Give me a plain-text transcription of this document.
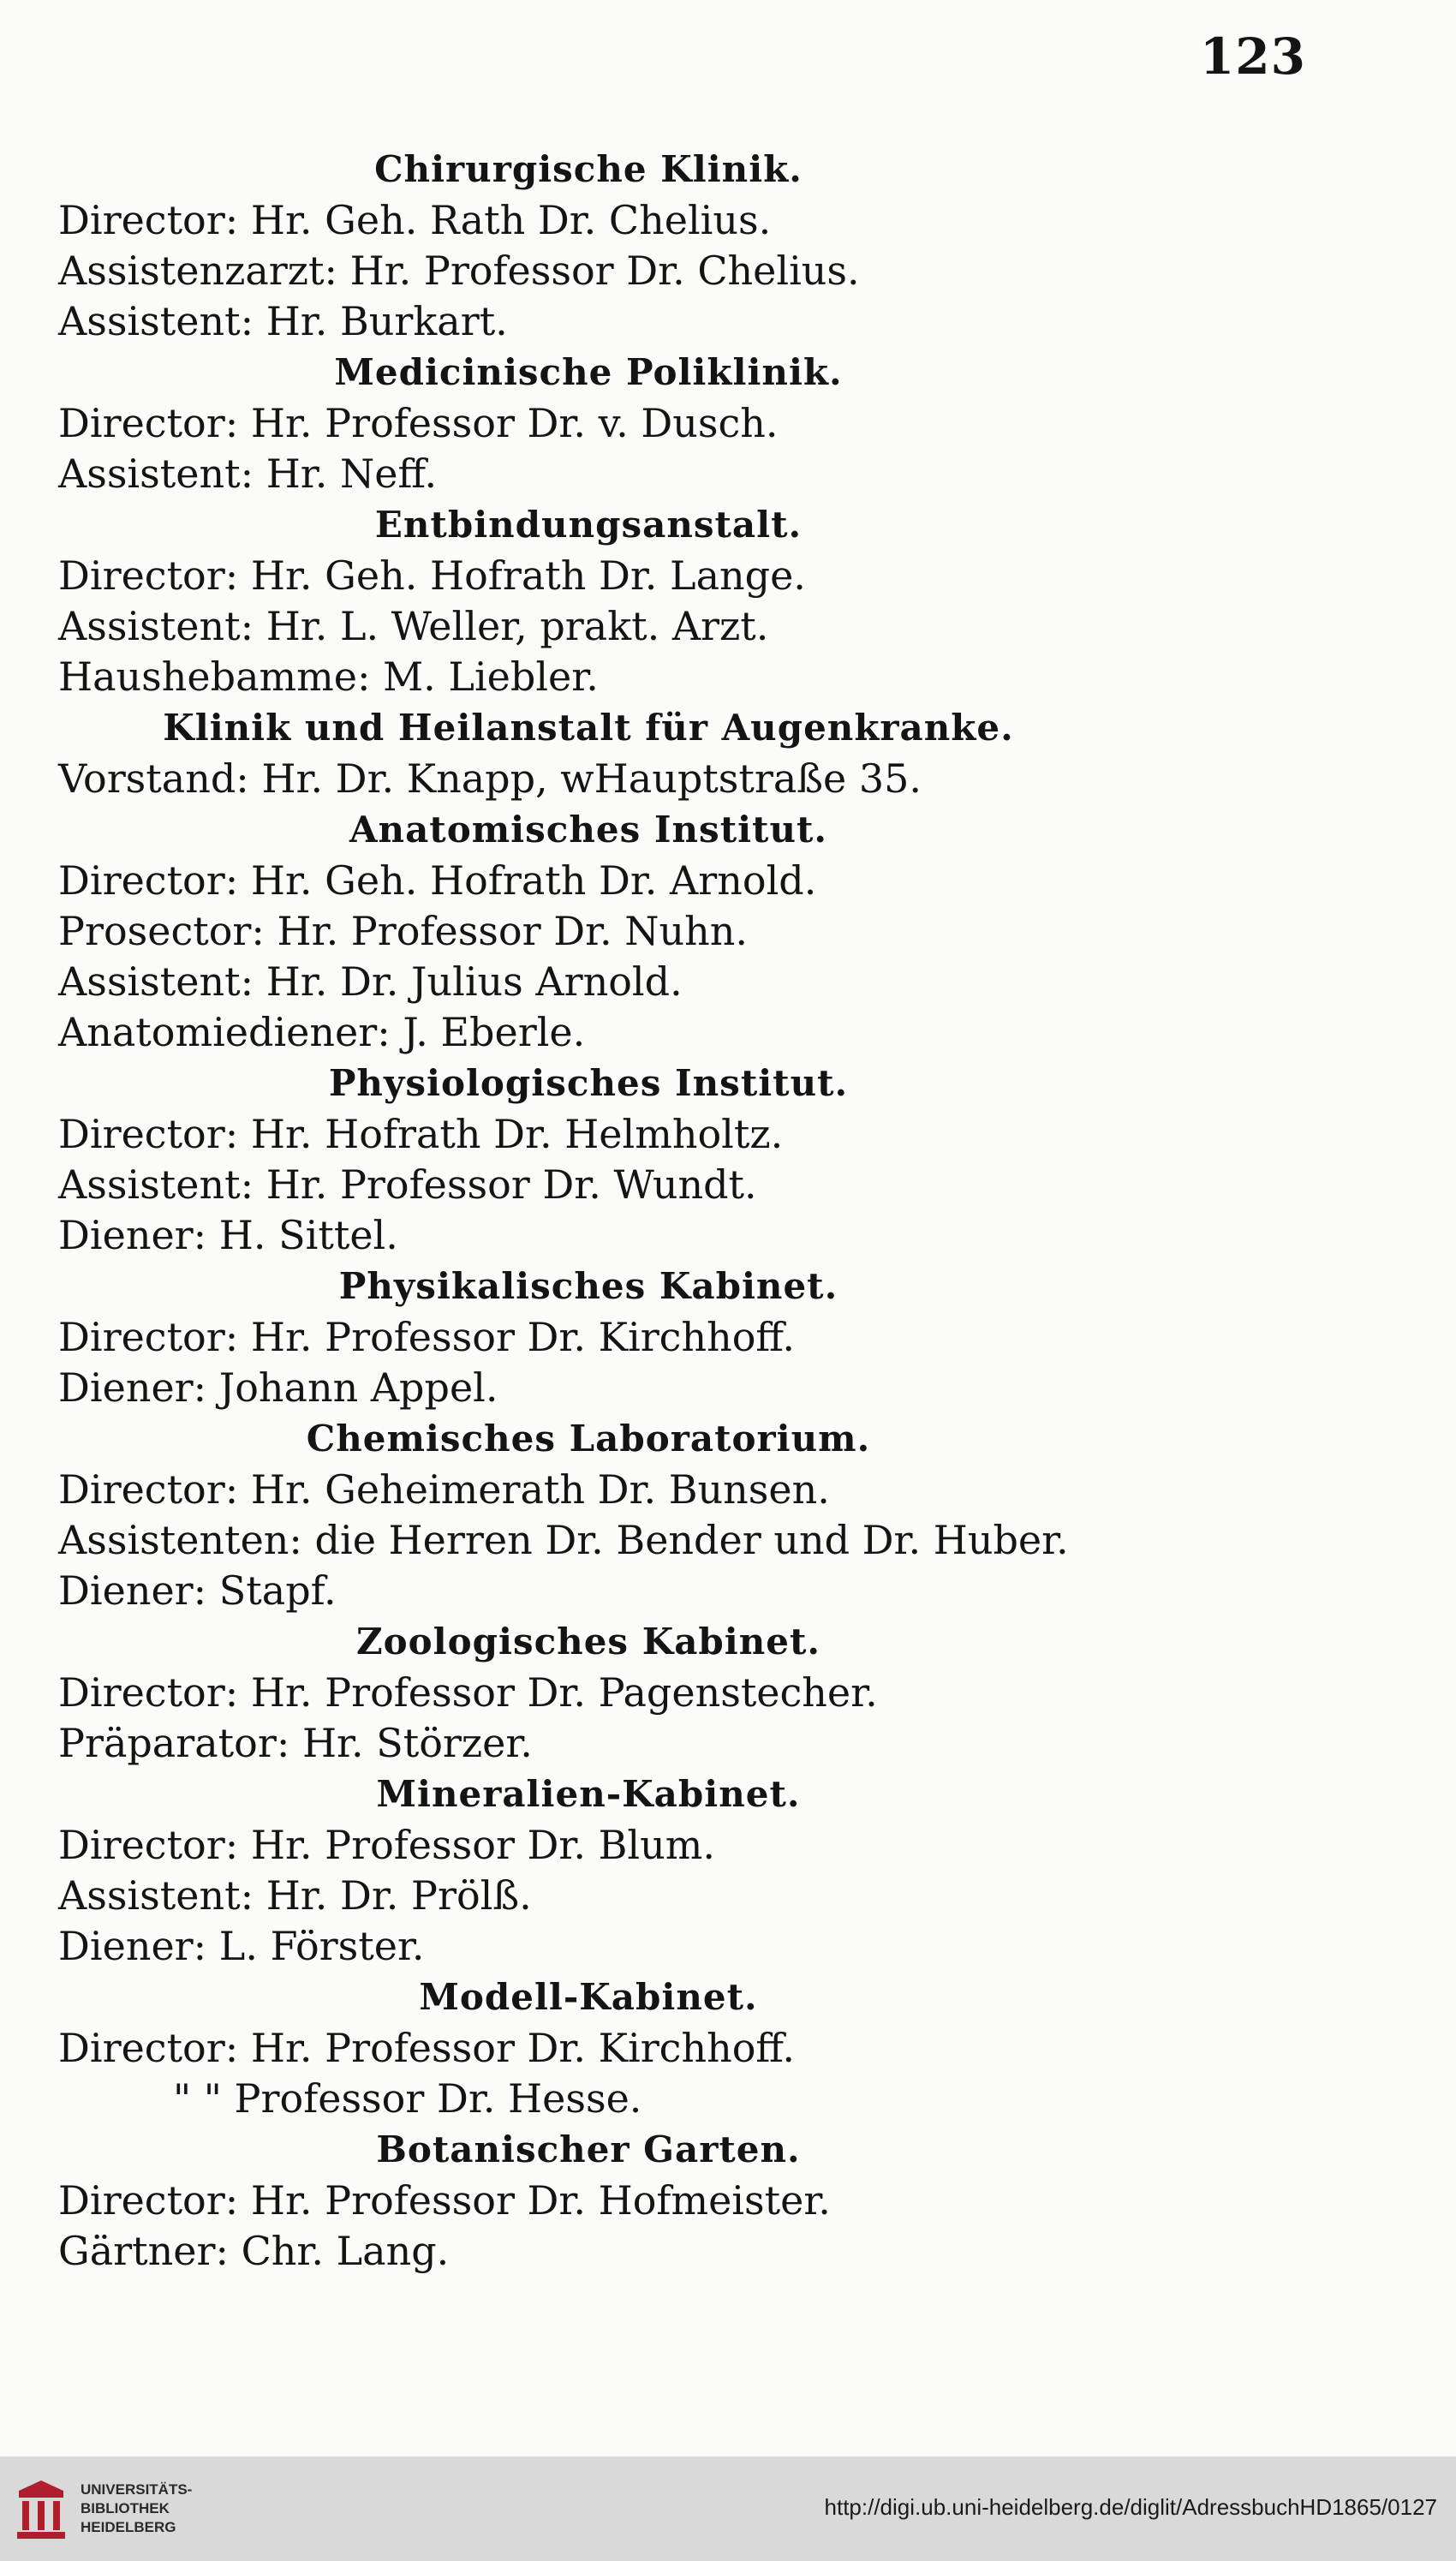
123
Chirurgische Klinik.
Director: Hr. Geh. Rath Dr. Chelius.
Assistenzarzt: Hr. Professor Dr. Chelius.
Assistent: Hr. Burkart.
Medicinische Poliklinik.
Director: Hr. Professor Dr. v. Dusch.
Assistent: Hr. Neff.
Entbindungsanstalt.
Director: Hr. Geh. Hofrath Dr. Lange.
Assistent: Hr. L. Weller, prakt. Arzt.
Haushebamme: M. Liebler.
Klinik und Heilanstalt für Augenkranke.
Vorstand: Hr. Dr. Knapp, wHauptstraße 35.
Anatomisches Institut.
Director: Hr. Geh. Hofrath Dr. Arnold.
Prosector: Hr. Professor Dr. Nuhn.
Assistent: Hr. Dr. Julius Arnold.
Anatomiediener: J. Eberle.
Physiologisches Institut.
Director: Hr. Hofrath Dr. Helmholtz.
Assistent: Hr. Professor Dr. Wundt.
Diener: H. Sittel.
Physikalisches Kabinet.
Director: Hr. Professor Dr. Kirchhoff.
Diener: Johann Appel.
Chemisches Laboratorium.
Director: Hr. Geheimerath Dr. Bunsen.
Assistenten: die Herren Dr. Bender und Dr. Huber.
Diener: Stapf.
Zoologisches Kabinet.
Director: Hr. Professor Dr. Pagenstecher.
Präparator: Hr. Störzer.
Mineralien-Kabinet.
Director: Hr. Professor Dr. Blum.
Assistent: Hr. Dr. Prölß.
Diener: L. Förster.
Modell-Kabinet.
Director: Hr. Professor Dr. Kirchhoff.
" " Professor Dr. Hesse.
Botanischer Garten.
Director: Hr. Professor Dr. Hofmeister.
Gärtner: Chr. Lang.
UNIVERSITÄTS-
BIBLIOTHEK
HEIDELBERG
http://digi.ub.uni-heidelberg.de/diglit/AdressbuchHD1865/0127
